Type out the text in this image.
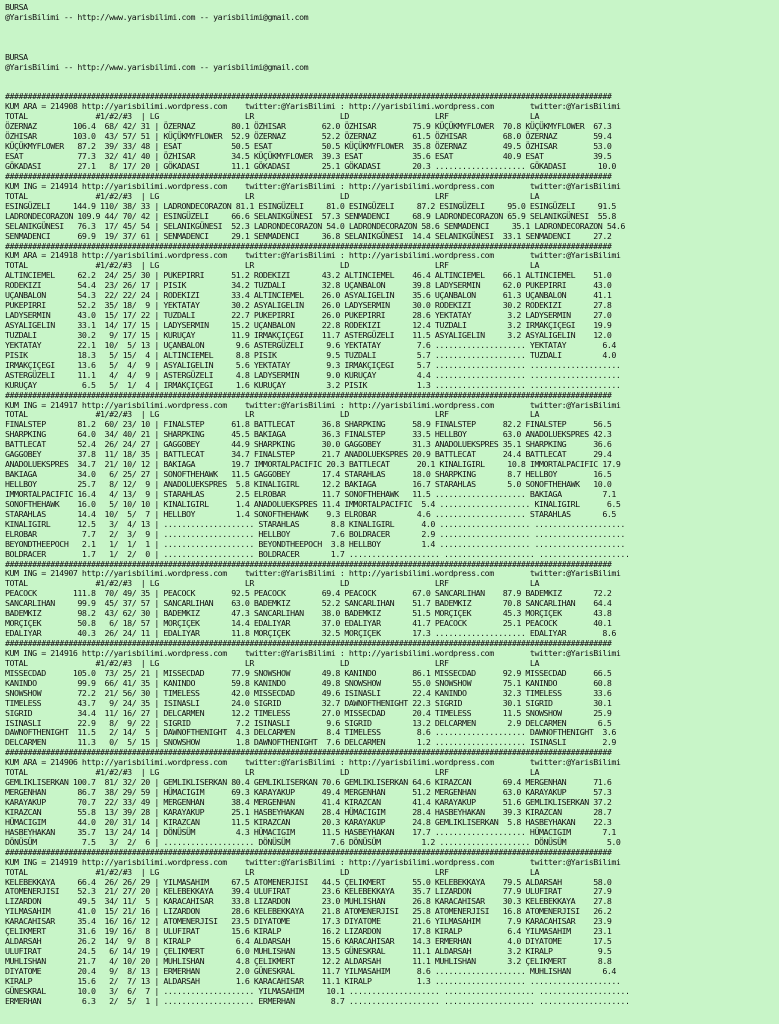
BURSA
@YarisBilimi -- http://www.yarisbilimi.com -- yarisbilimi@gmail.com

BURSA
@YarisBilimi -- http://www.yarisbilimi.com -- yarisbilimi@gmail.com

######################################################################################################################################
KUM ARA = 214908 http://yarisbilimi.wordpress.com    twitter:@YarisBilimi : http://yarisbilimi.wordpress.com        twitter:@YarisBilimi
TOTAL               #1/#2/#3  | LG                   LR                   LD                   LRF                  LA
ÖZERNAZ        106.4  68/ 42/ 31 | ÖZERNAZ        80.1 ÖZHISAR        62.0 ÖZHISAR        75.9 KÜÇÜKMYFLOWER  70.8 KÜÇÜKMYFLOWER  67.3
ÖZHISAR        103.0  43/ 57/ 51 | KÜÇÜKMYFLOWER  52.9 ÖZERNAZ        52.2 ÖZERNAZ        61.5 ÖZHISAR        68.0 ÖZERNAZ        59.4
KÜÇÜKMYFLOWER   87.2  39/ 33/ 48 | ESAT           50.5 ESAT           50.5 KÜÇÜKMYFLOWER  35.8 ÖZERNAZ        49.5 ÖZHISAR        53.0
ESAT            77.3  32/ 41/ 40 | ÖZHISAR        34.5 KÜÇÜKMYFLOWER  39.3 ESAT           35.6 ESAT           40.9 ESAT           39.5
GÖKADASI        27.1   8/ 17/ 20 | GÖKADASI       11.1 GÖKADASI       25.1 GÖKADASI       20.3 .................... GÖKADASI       10.0

######################################################################################################################################
KUM ING = 214914 http://yarisbilimi.wordpress.com    twitter:@YarisBilimi : http://yarisbilimi.wordpress.com        twitter:@YarisBilimi
TOTAL               #1/#2/#3  | LG                   LR                   LD                   LRF                  LA
ESINGÜZELI     144.9 110/ 38/ 33 | LADRONDECORAZON 81.1 ESINGÜZELI     81.0 ESINGÜZELI     87.2 ESINGÜZELI     95.0 ESINGÜZELI     91.5
LADRONDECORAZON 109.9 44/ 70/ 42 | ESINGÜZELI     66.6 SELANIKGÜNESI  57.3 SENMADENCI     68.9 LADRONDECORAZON 65.9 SELANIKGÜNESI  55.8
SELANIKGÜNESI   76.3  17/ 45/ 54 | SELANIKGÜNESI  52.3 LADRONDECORAZON 54.0 LADRONDECORAZON 58.6 SENMADENCI     35.1 LADRONDECORAZON 54.6
SENMADENCI      69.9  19/ 37/ 61 | SENMADENCI     29.1 SENMADENCI     36.8 SELANIKGÜNESI  14.4 SELANIKGÜNESI  33.1 SENMADENCI     27.2

######################################################################################################################################
KUM ARA = 214918 http://yarisbilimi.wordpress.com    twitter:@YarisBilimi : http://yarisbilimi.wordpress.com        twitter:@YarisBilimi
TOTAL               #1/#2/#3  | LG                   LR                   LD                   LRF                  LA
ALTINCIEMEL     62.2  24/ 25/ 30 | PUKEPIRRI      51.2 RODEKIZI       43.2 ALTINCIEMEL    46.4 ALTINCIEMEL    66.1 ALTINCIEMEL    51.0
RODEKIZI        54.4  23/ 26/ 17 | PISIK          34.2 TUZDALI        32.8 UÇANBALON      39.8 LADYSERMIN     62.0 PUKEPIRRI      43.0
UÇANBALON       54.3  22/ 22/ 24 | RODEKIZI       33.4 ALTINCIEMEL    26.0 ASYALIGELIN    35.6 UÇANBALON      61.3 UÇANBALON      41.1
PUKEPIRRI       52.2  35/ 18/  9 | YEKTATAY       30.2 ASYALIGELIN    26.0 LADYSERMIN     30.0 RODEKIZI       30.2 RODEKIZI       27.8
LADYSERMIN      43.0  15/ 17/ 22 | TUZDALI        22.7 PUKEPIRRI      26.0 PUKEPIRRI      28.6 YEKTATAY        3.2 LADYSERMIN     27.0
ASYALIGELIN     33.1  14/ 17/ 15 | LADYSERMIN     15.2 UÇANBALON      22.8 RODEKIZI       12.4 TUZDALI         3.2 IRMAKÇIÇEGI    19.9
TUZDALI         30.2   9/ 17/ 15 | KURUÇAY        11.9 IRMAKÇIÇEGI    11.7 ASTERGÜZELI    11.5 ASYALIGELIN     3.2 ASYALIGELIN    12.0
YEKTATAY        22.1  10/  5/ 13 | UÇANBALON       9.6 ASTERGÜZELI     9.6 YEKTATAY        7.6 .................... YEKTATAY        6.4
PISIK           18.3   5/ 15/  4 | ALTINCIEMEL     8.8 PISIK           9.5 TUZDALI         5.7 .................... TUZDALI         4.0
IRMAKÇIÇEGI     13.6   5/  4/  9 | ASYALIGELIN     5.6 YEKTATAY        9.3 IRMAKÇIÇEGI     5.7 .................... ....................
ASTERGÜZELI     11.1   4/  4/  9 | ASTERGÜZELI     4.8 LADYSERMIN      9.0 KURUÇAY         4.4 .................... ....................
KURUÇAY          6.5   5/  1/  4 | IRMAKÇIÇEGI     1.6 KURUÇAY         3.2 PISIK           1.3 .................... ....................

######################################################################################################################################
KUM ING = 214917 http://yarisbilimi.wordpress.com    twitter:@YarisBilimi : http://yarisbilimi.wordpress.com        twitter:@YarisBilimi
TOTAL               #1/#2/#3  | LG                   LR                   LD                   LRF                  LA
FINALSTEP       81.2  60/ 23/ 10 | FINALSTEP      61.8 BATTLECAT      36.8 SHARPKING      58.9 FINALSTEP      82.2 FINALSTEP      56.5
SHARPKING       64.0  34/ 40/ 21 | SHARPKING      45.5 BAKIAGA        36.3 FINALSTEP      33.5 HELLBOY        63.0 ANADOLUEKSPRES 42.3
BATTLECAT       52.4  26/ 24/ 27 | GAGGOBEY       44.9 SHARPKING      30.0 GAGGOBEY       31.3 ANADOLUEKSPRES 35.1 SHARPKING      36.6
GAGGOBEY        37.8  11/ 18/ 35 | BATTLECAT      34.7 FINALSTEP      21.7 ANADOLUEKSPRES 20.9 BATTLECAT      24.4 BATTLECAT      29.4
ANADOLUEKSPRES  34.7  21/ 10/ 12 | BAKIAGA        19.7 IMMORTALPACIFIC 20.3 BATTLECAT      20.1 KINALIGIRL     10.8 IMMORTALPACIFIC 17.9
BAKIAGA         34.0   6/ 25/ 27 | SONOFTHEHAWK   11.5 GAGGOBEY       17.4 STARAHLAS      18.0 SHARPKING       8.7 HELLBOY        16.5
HELLBOY         25.7   8/ 12/  9 | ANADOLUEKSPRES  5.8 KINALIGIRL     12.2 BAKIAGA        16.7 STARAHLAS       5.0 SONOFTHEHAWK   10.0
IMMORTALPACIFIC 16.4   4/ 13/  9 | STARAHLAS       2.5 ELROBAR        11.7 SONOFTHEHAWK   11.5 .................... BAKIAGA         7.1
SONOFTHEHAWK    16.0   5/ 10/ 10 | KINALIGIRL      1.4 ANADOLUEKSPRES 11.4 IMMORTALPACIFIC  5.4 .................... KINALIGIRL      6.5
STARAHLAS       14.4  10/  5/  7 | HELLBOY         1.4 SONOFTHEHAWK    9.3 ELROBAR         4.6 .................... STARAHLAS       6.5
KINALIGIRL      12.5   3/  4/ 13 | .................... STARAHLAS       8.8 KINALIGIRL      4.0 .................... ....................
ELROBAR          7.7   2/  3/  9 | .................... HELLBOY         7.6 BOLDRACER       2.9 .................... ....................
BEYONDTHEEPOCH   2.1   1/  1/  1 | .................... BEYONDTHEEPOCH  3.8 HELLBOY         1.4 .................... ....................
BOLDRACER        1.7   1/  2/  0 | .................... BOLDRACER       1.7 .................... .................... ....................

######################################################################################################################################
KUM ING = 214907 http://yarisbilimi.wordpress.com    twitter:@YarisBilimi : http://yarisbilimi.wordpress.com        twitter:@YarisBilimi
TOTAL               #1/#2/#3  | LG                   LR                   LD                   LRF                  LA
PEACOCK        111.8  70/ 49/ 35 | PEACOCK        92.5 PEACOCK        69.4 PEACOCK        67.0 SANCARLIHAN    87.9 BADEMKIZ       72.2
SANCARLIHAN     99.9  45/ 37/ 57 | SANCARLIHAN    63.0 BADEMKIZ       52.2 SANCARLIHAN    51.7 BADEMKIZ       70.8 SANCARLIHAN    64.4
BADEMKIZ        98.2  43/ 62/ 30 | BADEMKIZ       47.3 SANCARLIHAN    38.0 BADEMKIZ       51.5 MORÇIÇEK       45.3 MORÇIÇEK       43.8
MORÇIÇEK        50.8   6/ 18/ 57 | MORÇIÇEK       14.4 EDALIYAR       37.0 EDALIYAR       41.7 PEACOCK        25.1 PEACOCK        40.1
EDALIYAR        40.3  26/ 24/ 11 | EDALIYAR       11.8 MORÇIÇEK       32.5 MORÇIÇEK       17.3 .................... EDALIYAR        8.6

######################################################################################################################################
KUM ING = 214916 http://yarisbilimi.wordpress.com    twitter:@YarisBilimi : http://yarisbilimi.wordpress.com        twitter:@YarisBilimi
TOTAL               #1/#2/#3  | LG                   LR                   LD                   LRF                  LA
MISSECDAD      105.0  73/ 25/ 21 | MISSECDAD      77.9 SNOWSHOW       49.8 KANINDO        86.1 MISSECDAD      92.9 MISSECDAD      66.5
KANINDO         99.9  66/ 41/ 35 | KANINDO        59.8 KANINDO        49.8 SNOWSHOW       55.0 SNOWSHOW       75.1 KANINDO        60.8
SNOWSHOW        72.2  21/ 56/ 30 | TIMELESS       42.0 MISSECDAD      49.6 ISINASLI       22.4 KANINDO        32.3 TIMELESS       33.6
TIMELESS        43.7   9/ 24/ 35 | ISINASLI       24.0 SIGRID         32.7 DAWNOFTHENIGHT 22.3 SIGRID         30.1 SIGRID         30.1
SIGRID          34.4  11/ 16/ 27 | DELCARMEN      12.2 TIMELESS       27.0 MISSECDAD      20.4 TIMELESS       11.5 SNOWSHOW       25.9
ISINASLI        22.9   8/  9/ 22 | SIGRID          7.2 ISINASLI        9.6 SIGRID         13.2 DELCARMEN       2.9 DELCARMEN       6.5
DAWNOFTHENIGHT  11.5   2/ 14/  5 | DAWNOFTHENIGHT  4.3 DELCARMEN       8.4 TIMELESS        8.6 .................... DAWNOFTHENIGHT  3.6
DELCARMEN       11.3   0/  5/ 15 | SNOWSHOW        1.8 DAWNOFTHENIGHT  7.6 DELCARMEN       1.2 .................... ISINASLI        2.9

######################################################################################################################################
KUM ARA = 214906 http://yarisbilimi.wordpress.com    twitter:@YarisBilimi : http://yarisbilimi.wordpress.com        twitter:@YarisBilimi
TOTAL               #1/#2/#3  | LG                   LR                   LD                   LRF                  LA
GEMLIKLISERKAN 100.7  81/ 32/ 20 | GEMLIKLISERKAN 80.4 GEMLIKLISERKAN 70.6 GEMLIKLISERKAN 64.6 KIRAZCAN       69.4 MERGENHAN      71.6
MERGENHAN       86.7  38/ 29/ 59 | HÜMACIGIM      69.3 KARAYAKUP      49.4 MERGENHAN      51.2 MERGENHAN      63.0 KARAYAKUP      57.3
KARAYAKUP       70.7  22/ 33/ 49 | MERGENHAN      38.4 MERGENHAN      41.4 KIRAZCAN       41.4 KARAYAKUP      51.6 GEMLIKLISERKAN 37.2
KIRAZCAN        55.8  13/ 39/ 28 | KARAYAKUP      25.1 HASBEYHAKAN    28.4 HÜMACIGIM      28.4 HASBEYHAKAN    39.3 KIRAZCAN       28.7
HÜMACIGIM       44.0  20/ 31/ 14 | KIRAZCAN       11.5 KIRAZCAN       20.3 KARAYAKUP      24.8 GEMLIKLISERKAN  5.8 HASBEYHAKAN    22.3
HASBEYHAKAN     35.7  13/ 24/ 14 | DÖNÜSÜM         4.3 HÜMACIGIM      11.5 HASBEYHAKAN    17.7 .................... HÜMACIGIM       7.1
DÖNÜSÜM          7.5   3/  2/  6 | .................... DÖNÜSÜM         7.6 DÖNÜSÜM         1.2 .................... DÖNÜSÜM         5.0

######################################################################################################################################
KUM ING = 214919 http://yarisbilimi.wordpress.com    twitter:@YarisBilimi : http://yarisbilimi.wordpress.com        twitter:@YarisBilimi
TOTAL               #1/#2/#3  | LG                   LR                   LD                   LRF                  LA
KELEBEKKAYA     66.4  26/ 26/ 29 | YILMASAHIM     67.5 ATOMENERJISI   44.5 ÇELIKMERT      55.0 KELEBEKKAYA    79.5 ALDARSAH       58.0
ATOMENERJISI    52.3  21/ 27/ 20 | KELEBEKKAYA    39.4 ULUFIRAT       23.6 KELEBEKKAYA    35.7 LIZARDON       77.9 ULUFIRAT       27.9
LIZARDON        49.5  34/ 11/  5 | KARACAHISAR    33.8 LIZARDON       23.0 MUHLISHAN      26.8 KARACAHISAR    30.3 KELEBEKKAYA    27.8
YILMASAHIM      41.0  15/ 21/ 16 | LIZARDON       28.6 KELEBEKKAYA    21.8 ATOMENERJISI   25.8 ATOMENERJISI   16.8 ATOMENERJISI   26.2
KARACAHISAR     35.4  16/ 16/ 12 | ATOMENERJISI   23.5 DIYATOME       17.3 DIYATOME       21.6 YILMASAHIM      7.9 KARACAHISAR    23.9
ÇELIKMERT       31.6  19/ 16/  8 | ULUFIRAT       15.6 KIRALP         16.2 LIZARDON       17.8 KIRALP          6.4 YILMASAHIM     23.1
ALDARSAH        26.2  14/  9/  8 | KIRALP          6.4 ALDARSAH       15.6 KARACAHISAR    14.3 ERMERHAN        4.0 DIYATOME       17.5
ULUFIRAT        24.5   6/ 14/ 19 | ÇELIKMERT       6.0 MUHLISHAN      13.5 GÜNESKRAL      11.1 ALDARSAH        3.2 KIRALP          9.5
MUHLISHAN       21.7   4/ 10/ 20 | MUHLISHAN       4.8 ÇELIKMERT      12.2 ALDARSAH       11.1 MUHLISHAN       3.2 ÇELIKMERT       8.8
DIYATOME        20.4   9/  8/ 13 | ERMERHAN        2.0 GÜNESKRAL      11.7 YILMASAHIM      8.6 .................... MUHLISHAN       6.4
KIRALP          15.6   2/  7/ 13 | ALDARSAH        1.6 KARACAHISAR    11.1 KIRALP          1.3 .................... ....................
GÜNESKRAL       10.0   3/  6/  7 | .................... YILMASAHIM     10.1 .................... .................... ....................
ERMERHAN         6.3   2/  5/  1 | .................... ERMERHAN        8.7 .................... .................... ....................
